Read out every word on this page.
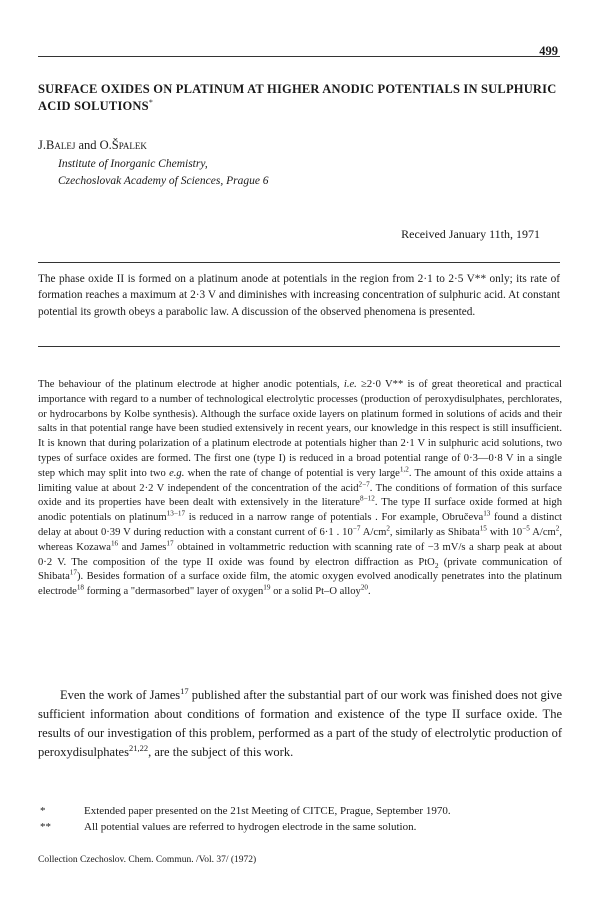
499
SURFACE OXIDES ON PLATINUM AT HIGHER ANODIC POTENTIALS IN SULPHURIC ACID SOLUTIONS*
J.Balej and O.Špalek
Institute of Inorganic Chemistry,
Czechoslovak Academy of Sciences, Prague 6
Received January 11th, 1971

The phase oxide II is formed on a platinum anode at potentials in the region from 2·1 to 2·5 V** only; its rate of formation reaches a maximum at 2·3 V and diminishes with increasing concentration of sulphuric acid. At constant potential its growth obeys a parabolic law. A discussion of the observed phenomena is presented.

The behaviour of the platinum electrode at higher anodic potentials, i.e. ≥2·0 V** is of great theoretical and practical importance with regard to a number of technological electrolytic processes (production of peroxydisulphates, perchlorates, or hydrocarbons by Kolbe synthesis). Although the surface oxide layers on platinum formed in solutions of acids and their salts in that potential range have been studied extensively in recent years, our knowledge in this respect is still insufficient. It is known that during polarization of a platinum electrode at potentials higher than 2·1 V in sulphuric acid solutions, two types of surface oxides are formed. The first one (type I) is reduced in a broad potential range of 0·3—0·8 V in a single step which may split into two e.g. when the rate of change of potential is very large$^{1,2}$. The amount of this oxide attains a limiting value at about 2·2 V independent of the concentration of the acid$^{2-7}$. The conditions of formation of this surface oxide and its properties have been dealt with extensively in the literature$^{8-12}$. The type II surface oxide formed at high anodic potentials on platinum$^{13-17}$ is reduced in a narrow range of potentials . For example, Obručeva$^{13}$ found a distinct delay at about 0·39 V during reduction with a constant current of 6·1 . $10^{-7}$ $A/cm^2$, similarly as Shibata$^{15}$ with $10^{-5}$ $A/cm^2$, whereas Kozawa$^{16}$ and James$^{17}$ obtained in voltammetric reduction with scanning rate of −3 mV/s a sharp peak at about 0·2 V. The composition of the type II oxide was found by electron diffraction as PtO$_2$ (private communication of Shibata$^{17}$). Besides formation of a surface oxide film, the atomic oxygen evolved anodically penetrates into the platinum electrode$^{18}$ forming a "dermasorbed" layer of oxygen$^{19}$ or a solid Pt–O alloy$^{20}$.

Even the work of James$^{17}$ published after the substantial part of our work was finished does not give sufficient information about conditions of formation and existence of the type II surface oxide. The results of our investigation of this problem, performed as a part of the study of electrolytic production of peroxydisulphates$^{21,22}$, are the subject of this work.

*	Extended paper presented on the 21st Meeting of CITCE, Prague, September 1970.
**	All potential values are referred to hydrogen electrode in the same solution.
Collection Czechoslov. Chem. Commun. /Vol. 37/ (1972)
